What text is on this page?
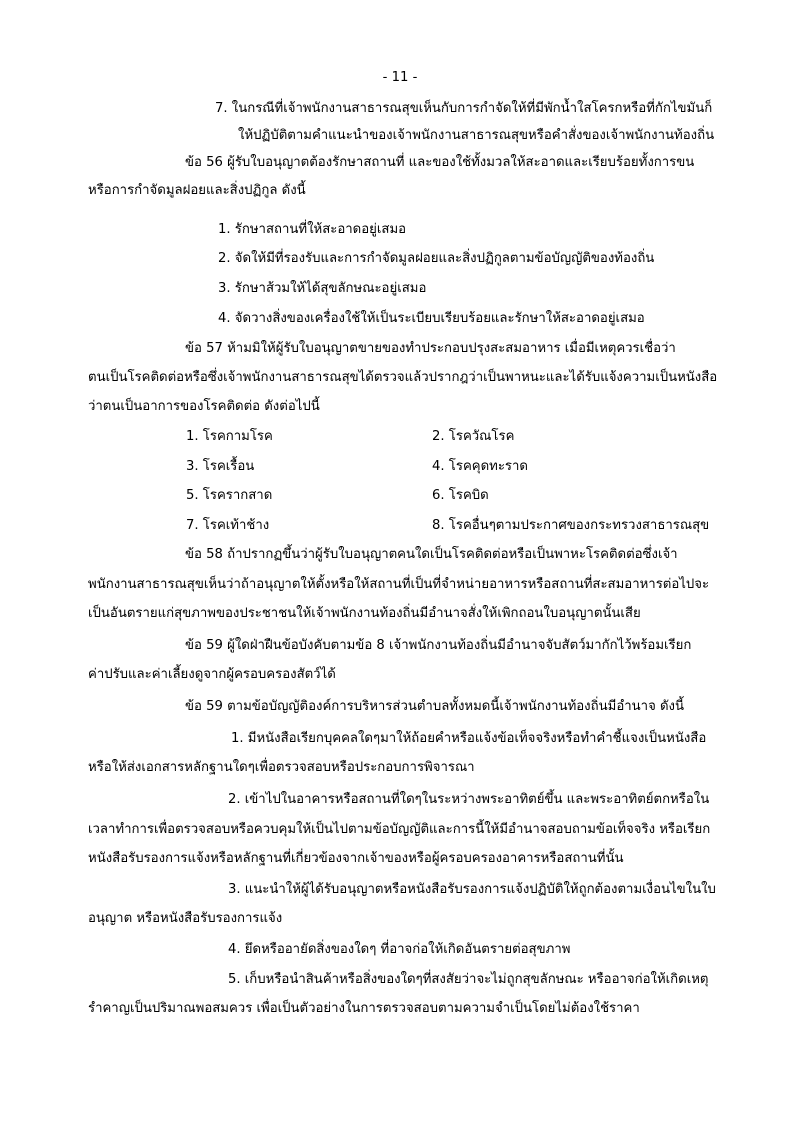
- 11 -
7. ในกรณีที่เจ้าพนักงานสาธารณสุขเห็นกับการกำจัดให้ที่มีพักน้ำใสโครกหรือที่กักไขมันก็
ให้ปฏิบัติตามคำแนะนำของเจ้าพนักงานสาธารณสุขหรือคำสั่งของเจ้าพนักงานท้องถิ่น
ข้อ 56 ผู้รับใบอนุญาตต้องรักษาสถานที่ และของใช้ทั้งมวลให้สะอาดและเรียบร้อยทั้งการขน
หรือการกำจัดมูลฝอยและสิ่งปฏิกูล ดังนี้
1. รักษาสถานที่ให้สะอาดอยู่เสมอ
2. จัดให้มีที่รองรับและการกำจัดมูลฝอยและสิ่งปฏิกูลตามข้อบัญญัติของท้องถิ่น
3. รักษาส้วมให้ได้สุขลักษณะอยู่เสมอ
4. จัดวางสิ่งของเครื่องใช้ให้เป็นระเบียบเรียบร้อยและรักษาให้สะอาดอยู่เสมอ
ข้อ 57 ห้ามมิให้ผู้รับใบอนุญาตขายของทำประกอบปรุงสะสมอาหาร เมื่อมีเหตุควรเชื่อว่า
ตนเป็นโรคติดต่อหรือซึ่งเจ้าพนักงานสาธารณสุขได้ตรวจแล้วปรากฎว่าเป็นพาหนะและได้รับแจ้งความเป็นหนังสือ
ว่าตนเป็นอาการของโรคติดต่อ ดังต่อไปนี้
1. โรคกามโรค	2. โรควัณโรค
3. โรคเรื้อน	4. โรคคุดทะราด
5. โรครากสาด	6. โรคบิด
7. โรคเท้าช้าง	8. โรคอื่นๆตามประกาศของกระทรวงสาธารณสุข
ข้อ 58 ถ้าปรากฏขึ้นว่าผู้รับใบอนุญาตคนใดเป็นโรคติดต่อหรือเป็นพาหะโรคติดต่อซึ่งเจ้า
พนักงานสาธารณสุขเห็นว่าถ้าอนุญาตให้ตั้งหรือให้สถานที่เป็นที่จำหน่ายอาหารหรือสถานที่สะสมอาหารต่อไปจะ
เป็นอันตรายแก่สุขภาพของประชาชนให้เจ้าพนักงานท้องถิ่นมีอำนาจสั่งให้เพิกถอนใบอนุญาตนั้นเสีย
ข้อ 59 ผู้ใดฝ่าฝืนข้อบังคับตามข้อ 8 เจ้าพนักงานท้องถิ่นมีอำนาจจับสัตว์มากักไว้พร้อมเรียก
ค่าปรับและค่าเลี้ยงดูจากผู้ครอบครองสัตว์ได้
ข้อ 59 ตามข้อบัญญัติองค์การบริหารส่วนตำบลทั้งหมดนี้เจ้าพนักงานท้องถิ่นมีอำนาจ ดังนี้
1. มีหนังสือเรียกบุคคลใดๆมาให้ถ้อยคำหรือแจ้งข้อเท็จจริงหรือทำคำชี้แจงเป็นหนังสือ
หรือให้ส่งเอกสารหลักฐานใดๆเพื่อตรวจสอบหรือประกอบการพิจารณา
2. เข้าไปในอาคารหรือสถานที่ใดๆในระหว่างพระอาทิตย์ขึ้น และพระอาทิตย์ตกหรือใน
เวลาทำการเพื่อตรวจสอบหรือควบคุมให้เป็นไปตามข้อบัญญัติและการนี้ให้มีอำนาจสอบถามข้อเท็จจริง หรือเรียก
หนังสือรับรองการแจ้งหรือหลักฐานที่เกี่ยวข้องจากเจ้าของหรือผู้ครอบครองอาคารหรือสถานที่นั้น
3. แนะนำให้ผู้ได้รับอนุญาตหรือหนังสือรับรองการแจ้งปฏิบัติให้ถูกต้องตามเงื่อนไขในใบ
อนุญาต หรือหนังสือรับรองการแจ้ง
4. ยึดหรืออายัดสิ่งของใดๆ ที่อาจก่อให้เกิดอันตรายต่อสุขภาพ
5. เก็บหรือนำสินค้าหรือสิ่งของใดๆที่สงสัยว่าจะไม่ถูกสุขลักษณะ หรืออาจก่อให้เกิดเหตุ
รำคาญเป็นปริมาณพอสมควร เพื่อเป็นตัวอย่างในการตรวจสอบตามความจำเป็นโดยไม่ต้องใช้ราคา
